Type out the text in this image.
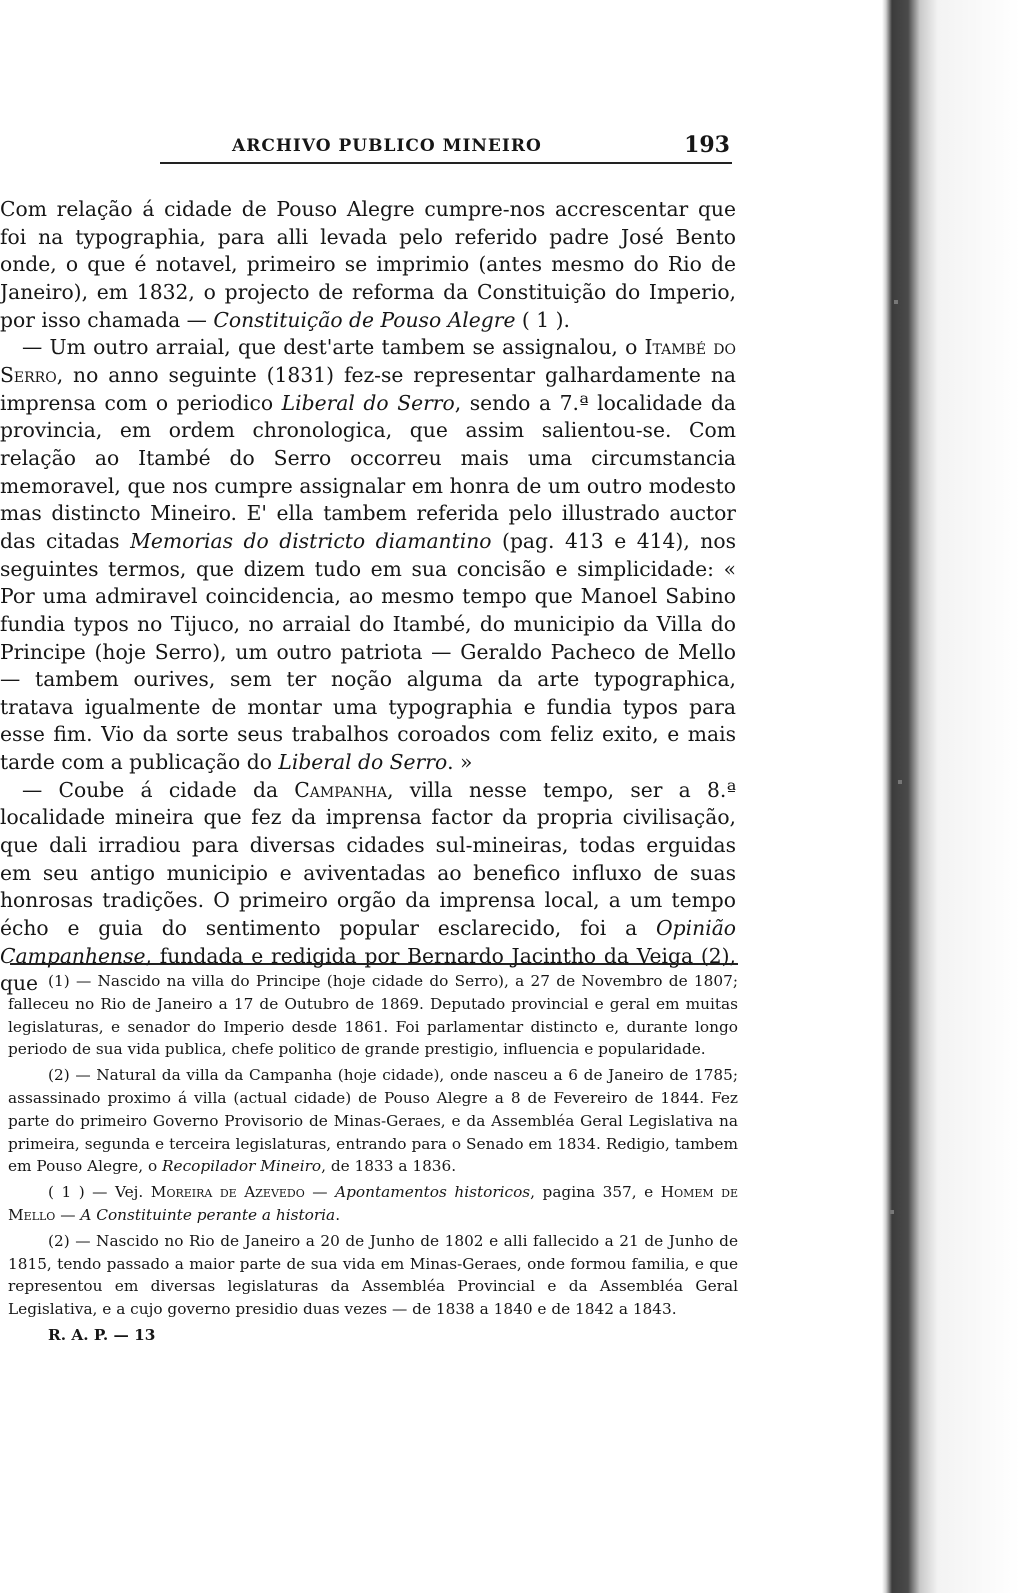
ARCHIVO PUBLICO MINEIRO	193

Com relação á cidade de Pouso Alegre cumpre-nos accrescentar que foi na typographia, para alli levada pelo referido padre José Bento onde, o que é notavel, primeiro se imprimio (antes mesmo do Rio de Janeiro), em 1832, o projecto de reforma da Constituição do Imperio, por isso chamada — Constituição de Pouso Alegre ( 1 ).

— Um outro arraial, que dest'arte tambem se assignalou, o Itambé do Serro, no anno seguinte (1831) fez-se representar galhardamente na imprensa com o periodico Liberal do Serro, sendo a 7.ª localidade da provincia, em ordem chronologica, que assim salientou-se. Com relação ao Itambé do Serro occorreu mais uma circumstancia memoravel, que nos cumpre assignalar em honra de um outro modesto mas distincto Mineiro. E' ella tambem referida pelo illustrado auctor das citadas Memorias do districto diamantino (pag. 413 e 414), nos seguintes termos, que dizem tudo em sua concisão e simplicidade: « Por uma admiravel coincidencia, ao mesmo tempo que Manoel Sabino fundia typos no Tijuco, no arraial do Itambé, do municipio da Villa do Principe (hoje Serro), um outro patriota — Geraldo Pacheco de Mello — tambem ourives, sem ter noção alguma da arte typographica, tratava igualmente de montar uma typographia e fundia typos para esse fim. Vio da sorte seus trabalhos coroados com feliz exito, e mais tarde com a publicação do Liberal do Serro. »

— Coube á cidade da Campanha, villa nesse tempo, ser a 8.ª localidade mineira que fez da imprensa factor da propria civilisação, que dali irradiou para diversas cidades sul-mineiras, todas erguidas em seu antigo municipio e aviventadas ao benefico influxo de suas honrosas tradições. O primeiro orgão da imprensa local, a um tempo écho e guia do sentimento popular esclarecido, foi a Opinião Campanhense, fundada e redigida por Bernardo Jacintho da Veiga (2), que (1) — Nascido na villa do Principe (hoje cidade do Serro), a 27 de Novembro de 1807; falleceu no Rio de Janeiro a 17 de Outubro de 1869. Deputado provincial e geral em muitas legislaturas, e senador do Imperio desde 1861. Foi parlamentar distincto e, durante longo periodo de sua vida publica, chefe politico de grande prestigio, influencia e popularidade.

(2) — Natural da villa da Campanha (hoje cidade), onde nasceu a 6 de Janeiro de 1785; assassinado proximo á villa (actual cidade) de Pouso Alegre a 8 de Fevereiro de 1844. Fez parte do primeiro Governo Provisorio de Minas-Geraes, e da Assembléa Geral Legislativa na primeira, segunda e terceira legislaturas, entrando para o Senado em 1834. Redigio, tambem em Pouso Alegre, o Recopilador Mineiro, de 1833 a 1836.

( 1 ) — Vej. Moreira de Azevedo — Apontamentos historicos, pagina 357, e Homem de Mello — A Constituinte perante a historia.

(2) — Nascido no Rio de Janeiro a 20 de Junho de 1802 e alli fallecido a 21 de Junho de 1815, tendo passado a maior parte de sua vida em Minas-Geraes, onde formou familia, e que representou em diversas legislaturas da Assembléa Provincial e da Assembléa Geral Legislativa, e a cujo governo presidio duas vezes — de 1838 a 1840 e de 1842 a 1843.

R. A. P. — 13
